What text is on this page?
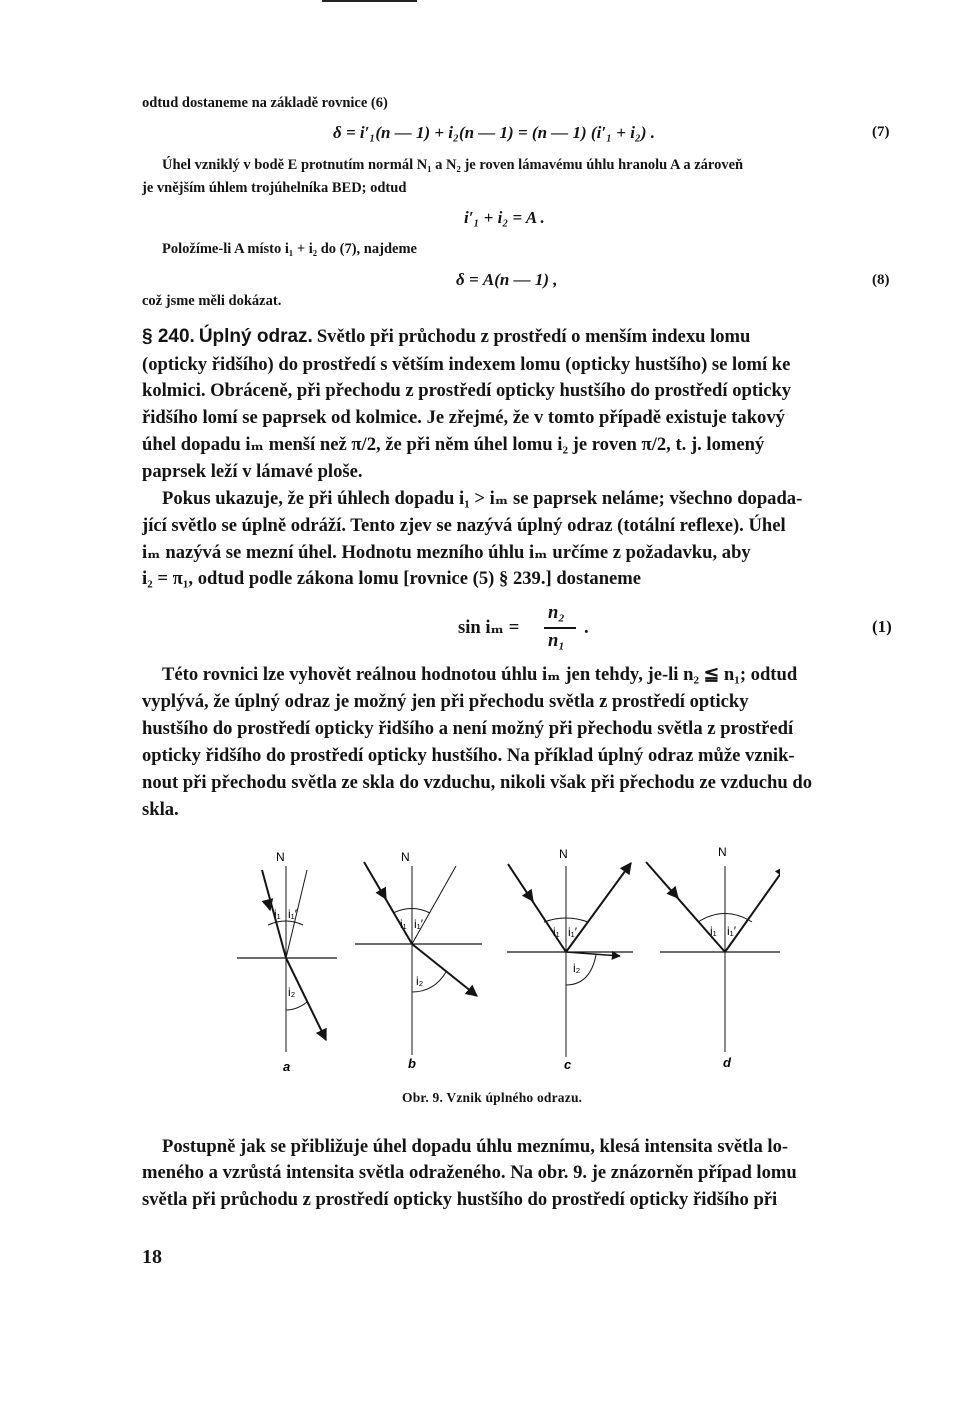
odtud dostaneme na základě rovnice (6)
δ = i′₁(n — 1) + i₂(n — 1) = (n — 1) (i′₁ + i₂) .	(7)
Úhel vzniklý v bodě E protnutím normál N₁ a N₂ je roven lámavému úhlu hranolu A a zároveň
je vnějším úhlem trojúhelníka BED; odtud
i′₁ + i₂ = A .
Položíme-li A místo i₁ + i₂ do (7), najdeme
δ = A(n — 1) ,	(8)
což jsme měli dokázat.
§ 240. Úplný odraz. Světlo při průchodu z prostředí o menším indexu lomu
(opticky řidšího) do prostředí s větším indexem lomu (opticky hustšího) se lomí ke
kolmici. Obráceně, při přechodu z prostředí opticky hustšího do prostředí opticky
řidšího lomí se paprsek od kolmice. Je zřejmé, že v tomto případě existuje takový
úhel dopadu iₘ menší než π/2, že při něm úhel lomu i₂ je roven π/2, t. j. lomený
paprsek leží v lámavé ploše.
Pokus ukazuje, že při úhlech dopadu i₁ > iₘ se paprsek neláme; všechno dopada-
jící světlo se úplně odráží. Tento zjev se nazývá úplný odraz (totální reflexe). Úhel
iₘ nazývá se mezní úhel. Hodnotu mezního úhlu iₘ určíme z požadavku, aby
i₂ = π₁, odtud podle zákona lomu [rovnice (5) § 239.] dostaneme
sin iₘ =
n₂
n₁
.	(1)
Této rovnici lze vyhovět reálnou hodnotou úhlu iₘ jen tehdy, je-li n₂ ≦ n₁; odtud
vyplývá, že úplný odraz je možný jen při přechodu světla z prostředí opticky
hustšího do prostředí opticky řidšího a není možný při přechodu světla z prostředí
opticky řidšího do prostředí opticky hustšího. Na příklad úplný odraz může vznik-
nout při přechodu světla ze skla do vzduchu, nikoli však při přechodu ze vzduchu do
skla.
N
i₁ i₁′
i₂
a
N
i₁ i₁′
i₂
b
N
i₁ i₁′
i₂
c
N
i₁ i₁′
d
Obr. 9. Vznik úplného odrazu.
Postupně jak se přibližuje úhel dopadu úhlu meznímu, klesá intensita světla lo-
meného a vzrůstá intensita světla odraženého. Na obr. 9. je znázorněn případ lomu
světla při průchodu z prostředí opticky hustšího do prostředí opticky řidšího při
18
